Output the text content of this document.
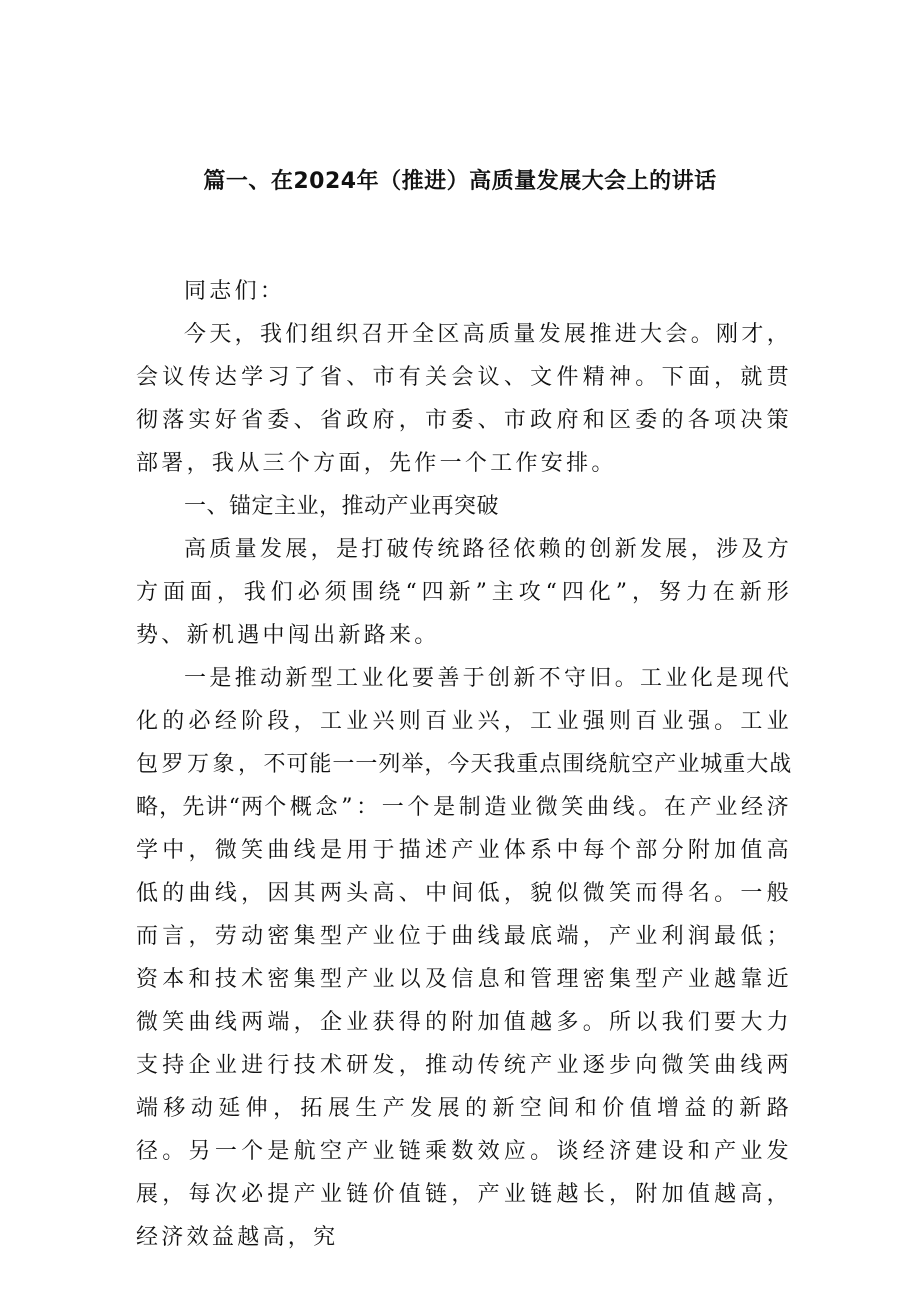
篇一、在2024年（推进）高质量发展大会上的讲话

同志们：

今天，我们组织召开全区高质量发展推进大会。刚才，会议传达学习了省、市有关会议、文件精神。下面，就贯彻落实好省委、省政府，市委、市政府和区委的各项决策部署，我从三个方面，先作一个工作安排。

一、锚定主业，推动产业再突破

高质量发展，是打破传统路径依赖的创新发展，涉及方方面面，我们必须围绕“四新”主攻“四化”，努力在新形势、新机遇中闯出新路来。

一是推动新型工业化要善于创新不守旧。工业化是现代化的必经阶段，工业兴则百业兴，工业强则百业强。工业包罗万象，不可能一一列举，今天我重点围绕航空产业城重大战略，先讲“两个概念”：一个是制造业微笑曲线。在产业经济学中，微笑曲线是用于描述产业体系中每个部分附加值高低的曲线，因其两头高、中间低，貌似微笑而得名。一般而言，劳动密集型产业位于曲线最底端，产业利润最低；资本和技术密集型产业以及信息和管理密集型产业越靠近微笑曲线两端，企业获得的附加值越多。所以我们要大力支持企业进行技术研发，推动传统产业逐步向微笑曲线两端移动延伸，拓展生产发展的新空间和价值增益的新路径。另一个是航空产业链乘数效应。谈经济建设和产业发展，每次必提产业链价值链，产业链越长，附加值越高，经济效益越高，究
